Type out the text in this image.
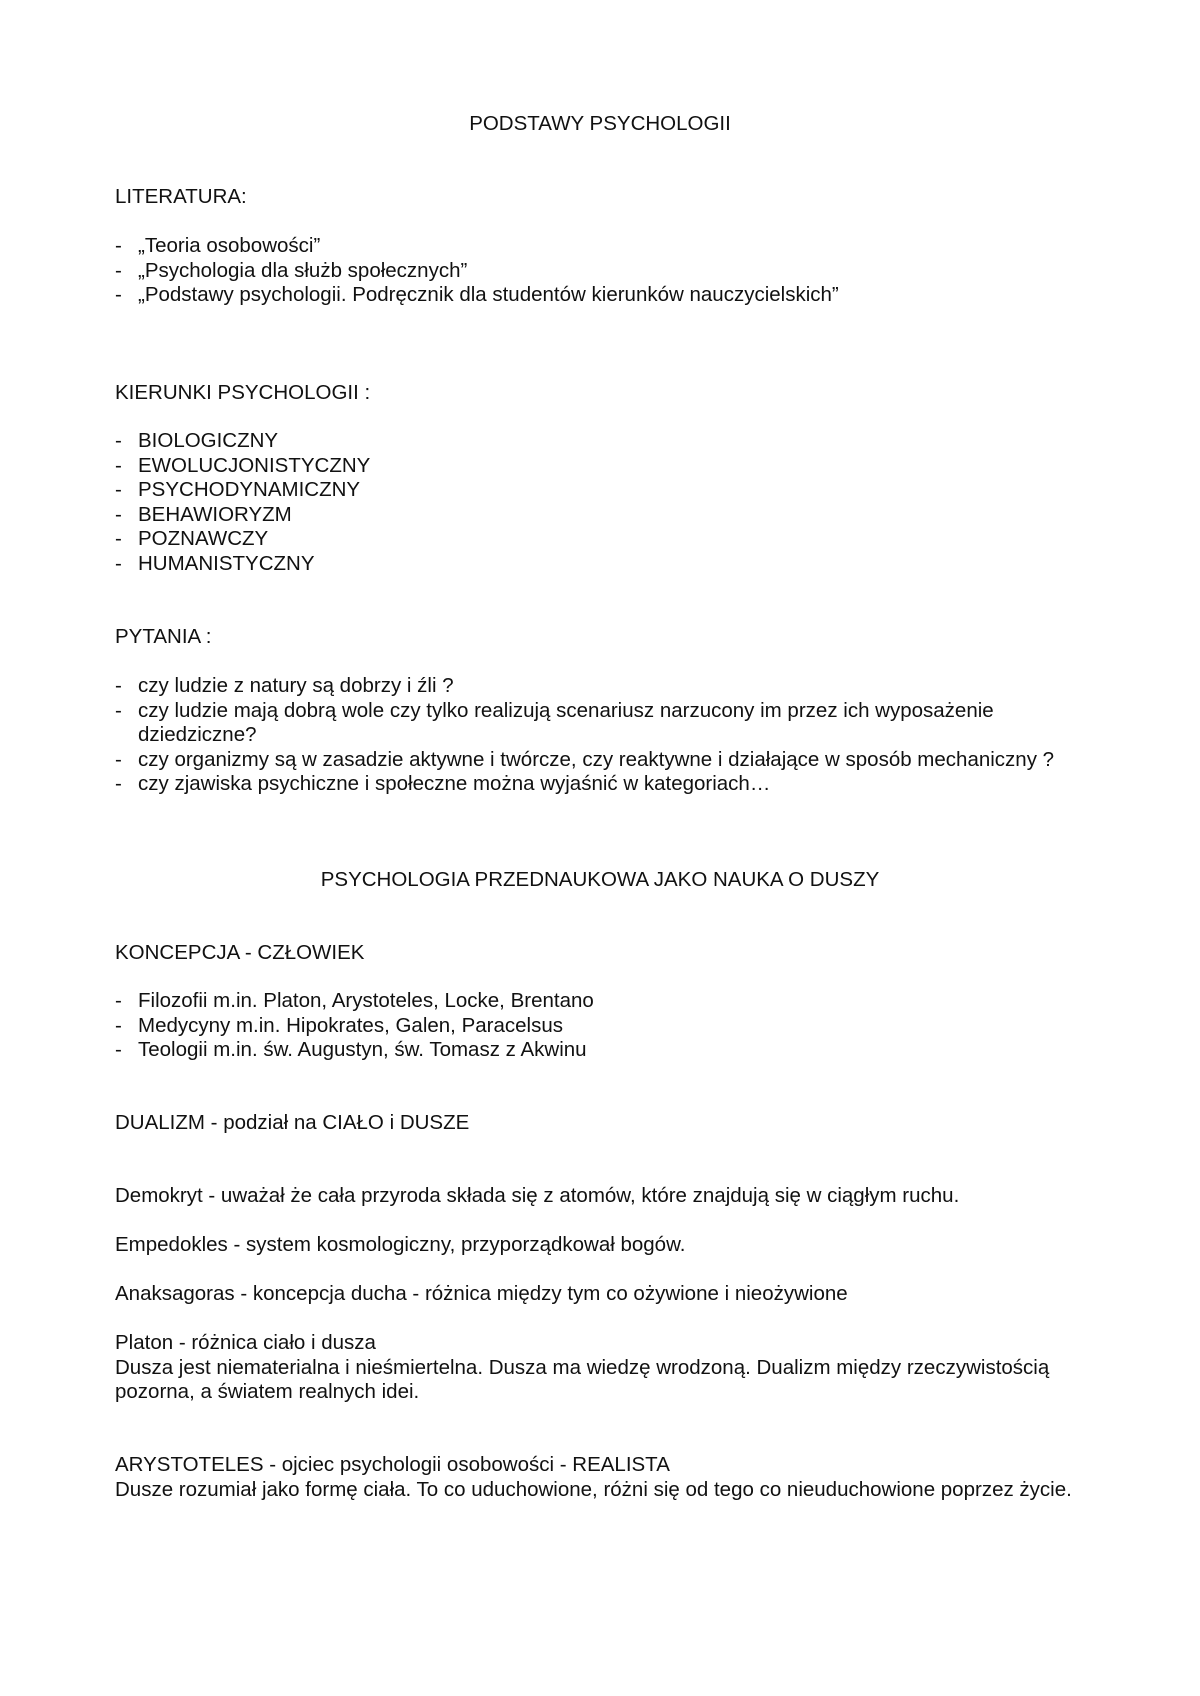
PODSTAWY PSYCHOLOGII
LITERATURA:
- „Teoria osobowości”
- „Psychologia dla służb społecznych”
- „Podstawy psychologii. Podręcznik dla studentów kierunków nauczycielskich”
KIERUNKI PSYCHOLOGII :
- BIOLOGICZNY
- EWOLUCJONISTYCZNY
- PSYCHODYNAMICZNY
- BEHAWIORYZM
- POZNAWCZY
- HUMANISTYCZNY
PYTANIA :
- czy ludzie z natury są dobrzy i źli ?
- czy ludzie mają dobrą wole czy tylko realizują scenariusz narzucony im przez ich wyposażenie dziedziczne?
- czy organizmy są w zasadzie aktywne i twórcze, czy reaktywne i działające w sposób mechaniczny ?
- czy zjawiska psychiczne i społeczne można wyjaśnić w kategoriach…
PSYCHOLOGIA PRZEDNAUKOWA JAKO NAUKA O DUSZY
KONCEPCJA - CZŁOWIEK
- Filozofii m.in. Platon, Arystoteles, Locke, Brentano
- Medycyny m.in. Hipokrates, Galen, Paracelsus
- Teologii m.in. św. Augustyn, św. Tomasz z Akwinu
DUALIZM - podział na CIAŁO i DUSZE
Demokryt - uważał że cała przyroda składa się z atomów, które znajdują się w ciągłym ruchu.
Empedokles - system kosmologiczny, przyporządkował bogów.
Anaksagoras - koncepcja ducha - różnica między tym co ożywione i nieożywione
Platon - różnica ciało i dusza
Dusza jest niematerialna i nieśmiertelna. Dusza ma wiedzę wrodzoną. Dualizm między rzeczywistością pozorna, a światem realnych idei.
ARYSTOTELES - ojciec psychologii osobowości - REALISTA
Dusze rozumiał jako formę ciała. To co uduchowione, różni się od tego co nieuduchowione poprzez życie.
